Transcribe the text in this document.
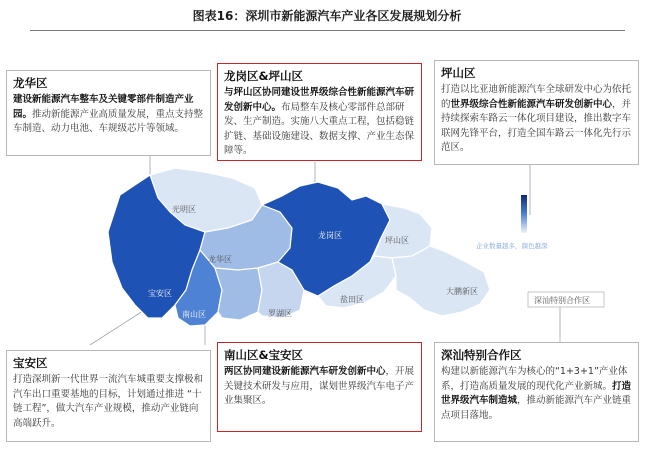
图表16：深圳市新能源汽车产业各区发展规划分析
光明区
龙岗区
坪山区
龙华区
宝安区
南山区
福田区
罗湖区
盐田区
大鹏新区
深汕特别合作区
企业数量越多，颜色越深
龙华区
建设新能源汽车整车及关键零部件制造产业园。推动新能源产业高质量发展，重点支持整车制造、动力电池、车规级芯片等领域。
龙岗区&坪山区
与坪山区协同建设世界级综合性新能源汽车研发创新中心。布局整车及核心零部件总部研发、生产制造。实施八大重点工程，包括稳链扩链、基础设施建设、数据支撑、产业生态保障等。
坪山区
打造以比亚迪新能源汽车全球研发中心为依托的世界级综合性新能源汽车研发创新中心，并持续探索车路云一体化项目建设，推出数字车联网先锋平台，打造全国车路云一体化先行示范区。
宝安区
打造深圳新一代世界一流汽车城重要支撑极和汽车出口重要基地的目标，计划通过推进 “十链工程”，做大汽车产业规模，推动产业链向高端跃升。
南山区&宝安区
两区协同建设新能源汽车研发创新中心，开展关键技术研发与应用，谋划世界级汽车电子产业集聚区。
深汕特别合作区
构建以新能源汽车为核心的“1+3+1”产业体系，打造高质量发展的现代化产业新城。打造世界级汽车制造城，推动新能源汽车产业链重点项目落地。
